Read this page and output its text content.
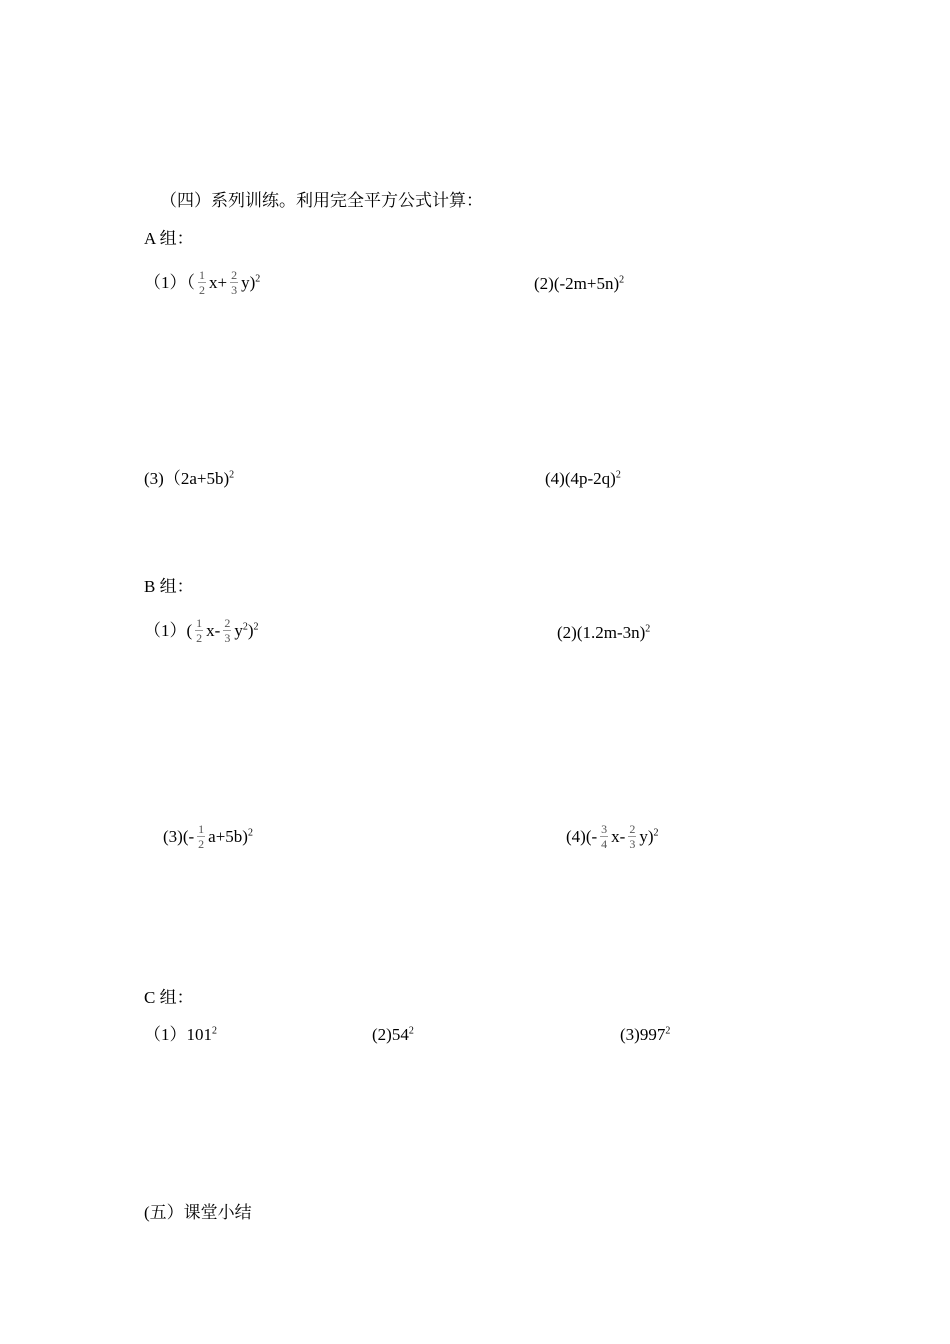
（四）系列训练。利用完全平方公式计算：
A 组：
$(1)( \frac{1}{2} x+ \frac{2}{3} y)^2$	$(2)(-2m+5n)^2$
(3)（2a+5b)$^2$	$(4)(4p-2q)^2$
B 组：
$(1)( \frac{1}{2} x- \frac{2}{3} y^2)^2$	$(2)(1.2m-3n)^2$
$(3)(- \frac{1}{2} a+5b)^2$	$(4)(- \frac{3}{4} x- \frac{2}{3} y)^2$
C 组：
$(1)101^2$	$(2)54^2$	$(3)997^2$
(五）课堂小结
